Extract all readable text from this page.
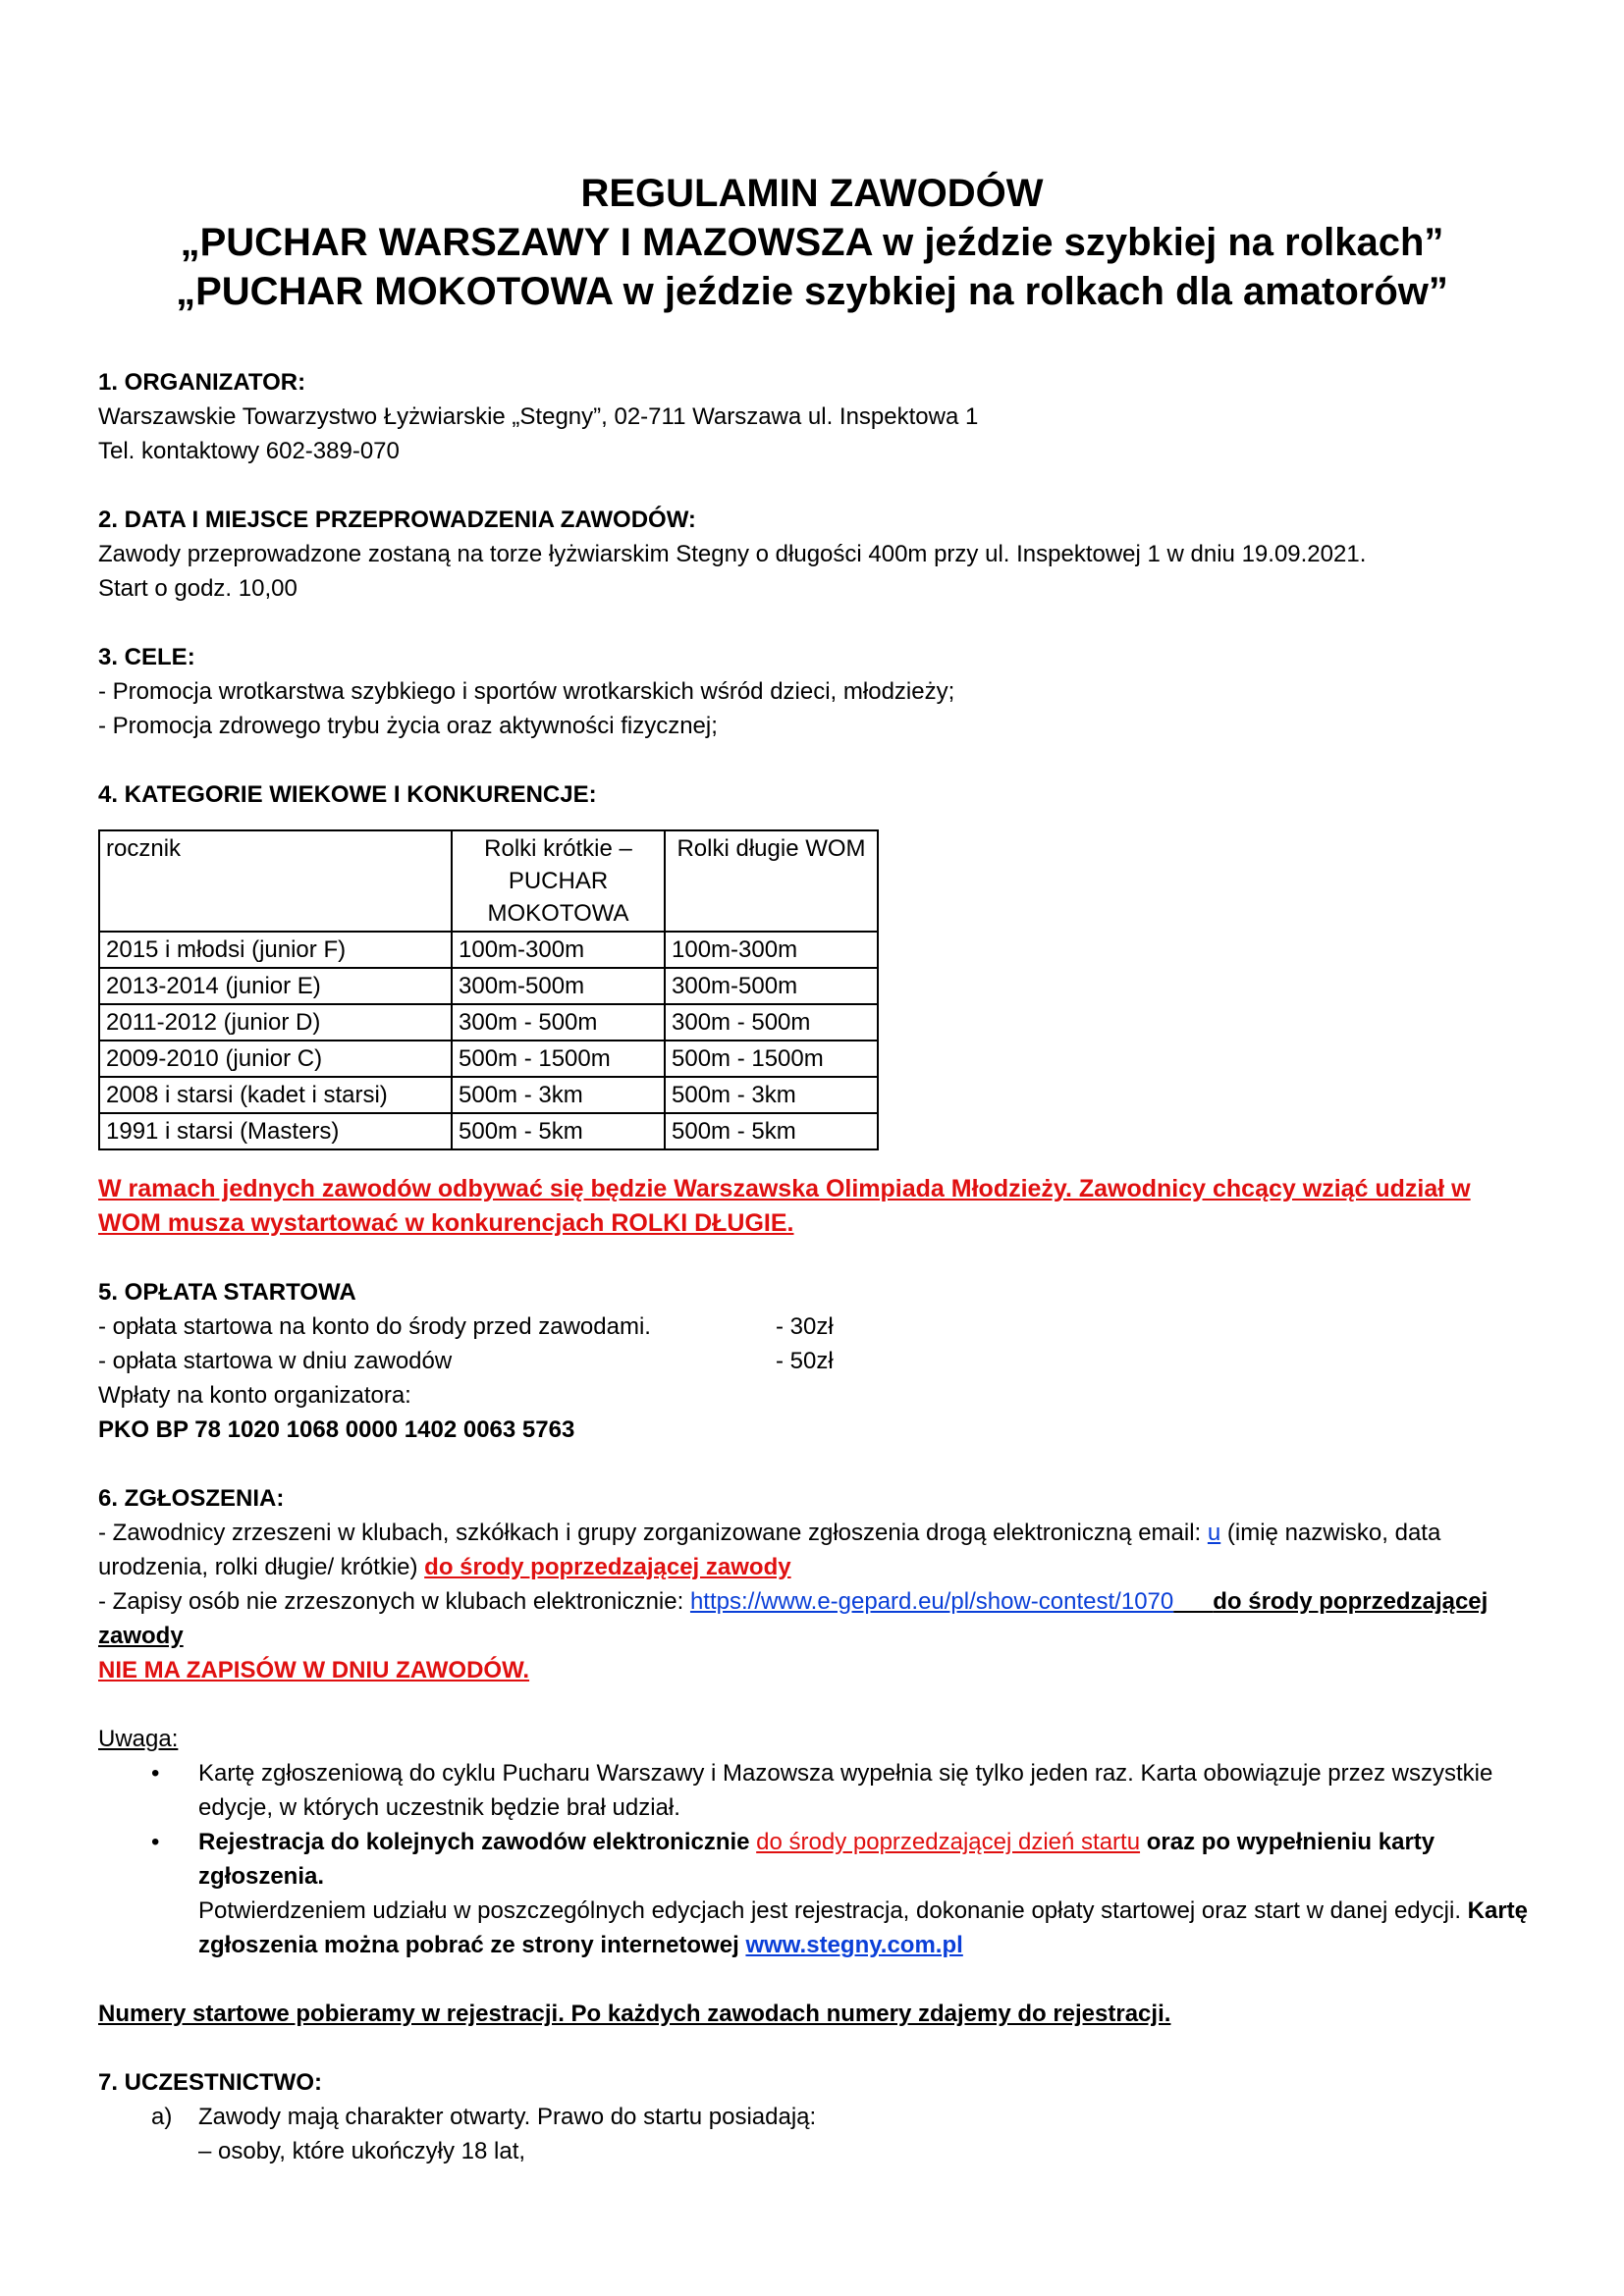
REGULAMIN ZAWODÓW
„PUCHAR WARSZAWY I MAZOWSZA w jeździe szybkiej na rolkach”
„PUCHAR MOKOTOWA w jeździe szybkiej na rolkach dla amatorów”

1. ORGANIZATOR:

Warszawskie Towarzystwo Łyżwiarskie „Stegny”, 02-711 Warszawa ul. Inspektowa 1

Tel. kontaktowy 602-389-070

2. DATA I MIEJSCE PRZEPROWADZENIA ZAWODÓW:

Zawody przeprowadzone zostaną na torze łyżwiarskim Stegny o długości 400m przy ul. Inspektowej 1 w dniu 19.09.2021.

Start o godz. 10,00

3. CELE:

- Promocja wrotkarstwa szybkiego i sportów wrotkarskich wśród dzieci, młodzieży;

- Promocja zdrowego trybu życia oraz aktywności fizycznej;

4. KATEGORIE WIEKOWE I KONKURENCJE:

rocznik	Rolki krótkie – PUCHAR MOKOTOWA	Rolki długie WOM
2015 i młodsi (junior F)	100m-300m	100m-300m
2013-2014 (junior E)	300m-500m	300m-500m
2011-2012 (junior D)	300m - 500m	300m - 500m
2009-2010 (junior C)	500m - 1500m	500m - 1500m
2008 i starsi (kadet i starsi)	500m - 3km	500m - 3km
1991 i starsi (Masters)	500m - 5km	500m - 5km

W ramach jednych zawodów odbywać się będzie Warszawska Olimpiada Młodzieży. Zawodnicy chcący wziąć udział w WOM musza wystartować w konkurencjach ROLKI DŁUGIE.

5. OPŁATA STARTOWA

- opłata startowa na konto do środy przed zawodami.	- 30zł

- opłata startowa w dniu zawodów	- 50zł

Wpłaty na konto organizatora:

PKO BP 78 1020 1068 0000 1402 0063 5763

6. ZGŁOSZENIA:

- Zawodnicy zrzeszeni w klubach, szkółkach i grupy zorganizowane zgłoszenia drogą elektroniczną email: u (imię nazwisko, data urodzenia, rolki długie/ krótkie) do środy poprzedzającej zawody

- Zapisy osób nie zrzeszonych w klubach elektronicznie: https://www.e-gepard.eu/pl/show-contest/1070 do środy poprzedzającej zawody

NIE MA ZAPISÓW W DNIU ZAWODÓW.

Uwaga:

• Kartę zgłoszeniową do cyklu Pucharu Warszawy i Mazowsza wypełnia się tylko jeden raz. Karta obowiązuje przez wszystkie edycje, w których uczestnik będzie brał udział.
• Rejestracja do kolejnych zawodów elektronicznie do środy poprzedzającej dzień startu oraz po wypełnieniu karty zgłoszenia.

Potwierdzeniem udziału w poszczególnych edycjach jest rejestracja, dokonanie opłaty startowej oraz start w danej edycji. Kartę zgłoszenia można pobrać ze strony internetowej www.stegny.com.pl

Numery startowe pobieramy w rejestracji. Po każdych zawodach numery zdajemy do rejestracji.

7. UCZESTNICTWO:

a) Zawody mają charakter otwarty. Prawo do startu posiadają:

– osoby, które ukończyły 18 lat,
